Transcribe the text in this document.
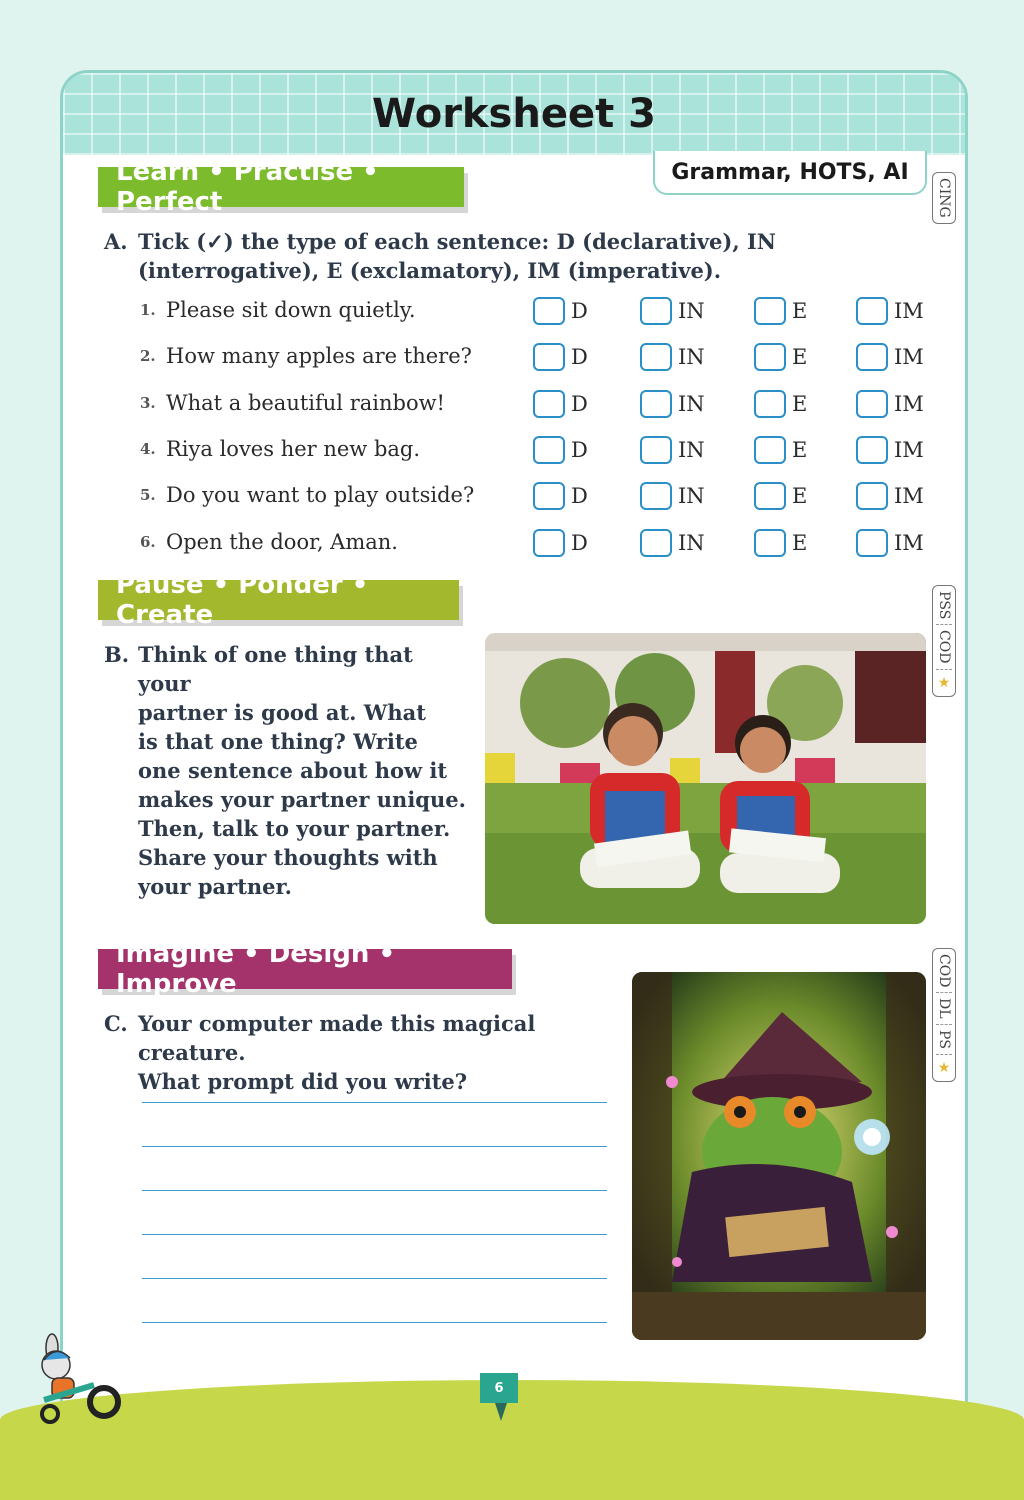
Worksheet 3
Grammar, HOTS, AI
CING
PSS
COD
★
COD
DL
PS
★
Learn • Practise • Perfect
A. Tick (✓) the type of each sentence: D (declarative), IN (interrogative), E (exclamatory), IM (imperative).
1. Please sit down quietly.	D	IN	E	IM
2. How many apples are there?	D	IN	E	IM
3. What a beautiful rainbow!	D	IN	E	IM
4. Riya loves her new bag.	D	IN	E	IM
5. Do you want to play outside?	D	IN	E	IM
6. Open the door, Aman.	D	IN	E	IM
Pause • Ponder • Create
B. Think of one thing that your
partner is good at. What
is that one thing? Write
one sentence about how it
makes your partner unique.
Then, talk to your partner.
Share your thoughts with
your partner.
Imagine • Design • Improve
C. Your computer made this magical creature.
What prompt did you write?
6
